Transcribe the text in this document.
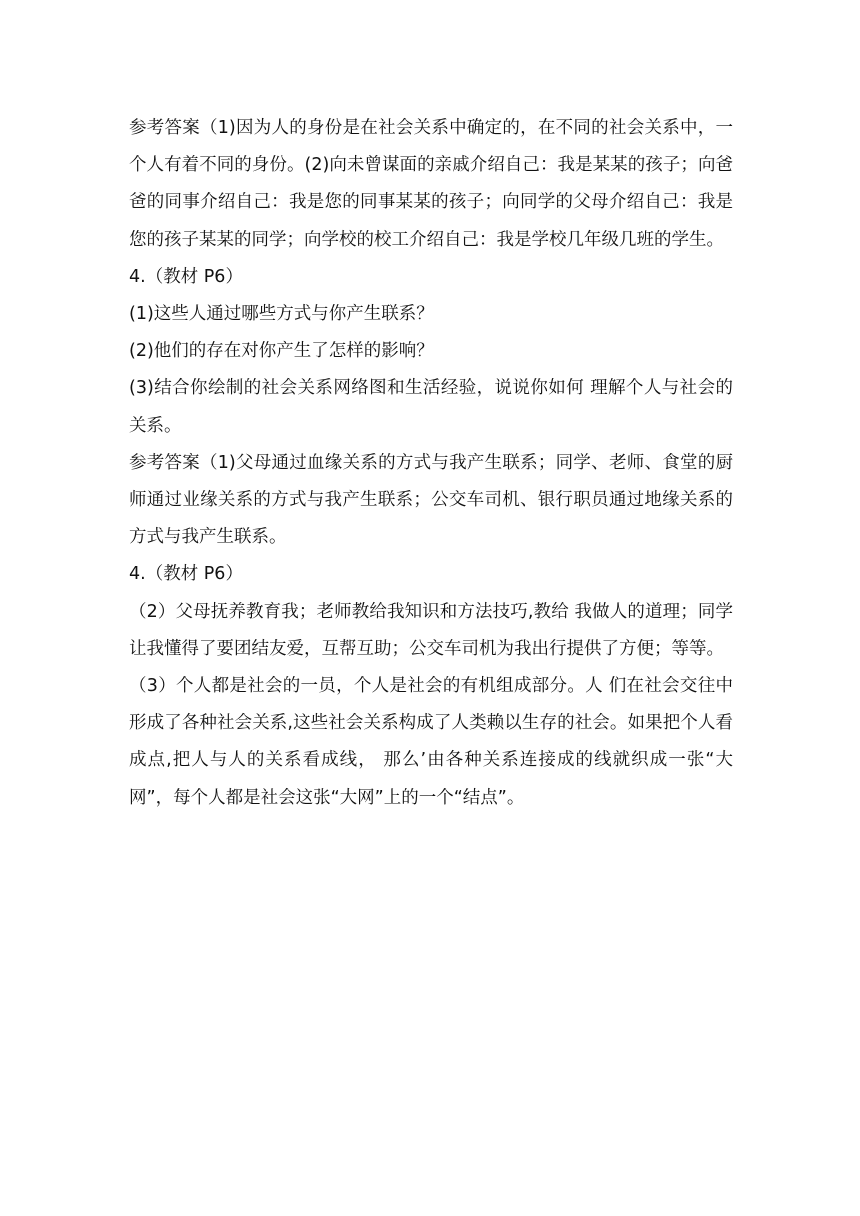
参考答案（1)因为人的身份是在社会关系中确定的，在不同的社会关系中，一个人有着不同的身份。(2)向未曾谋面的亲戚介绍自己：我是某某的孩子；向爸爸的同事介绍自己：我是您的同事某某的孩子；向同学的父母介绍自己：我是您的孩子某某的同学；向学校的校工介绍自己：我是学校几年级几班的学生。

4.（教材 P6）

(1)这些人通过哪些方式与你产生联系？

(2)他们的存在对你产生了怎样的影响？

(3)结合你绘制的社会关系网络图和生活经验，说说你如何 理解个人与社会的关系。

参考答案（1)父母通过血缘关系的方式与我产生联系；同学、老师、食堂的厨师通过业缘关系的方式与我产生联系；公交车司机、银行职员通过地缘关系的方式与我产生联系。

4.（教材 P6）

（2）父母抚养教育我；老师教给我知识和方法技巧,教给 我做人的道理；同学让我懂得了要团结友爱，互帮互助；公交车司机为我出行提供了方便；等等。

（3）个人都是社会的一员，个人是社会的有机组成部分。人 们在社会交往中形成了各种社会关系,这些社会关系构成了人类赖以生存的社会。如果把个人看成点,把人与人的关系看成线， 那么’由各种关系连接成的线就织成一张“大网”，每个人都是社会这张“大网”上的一个“结点”。
